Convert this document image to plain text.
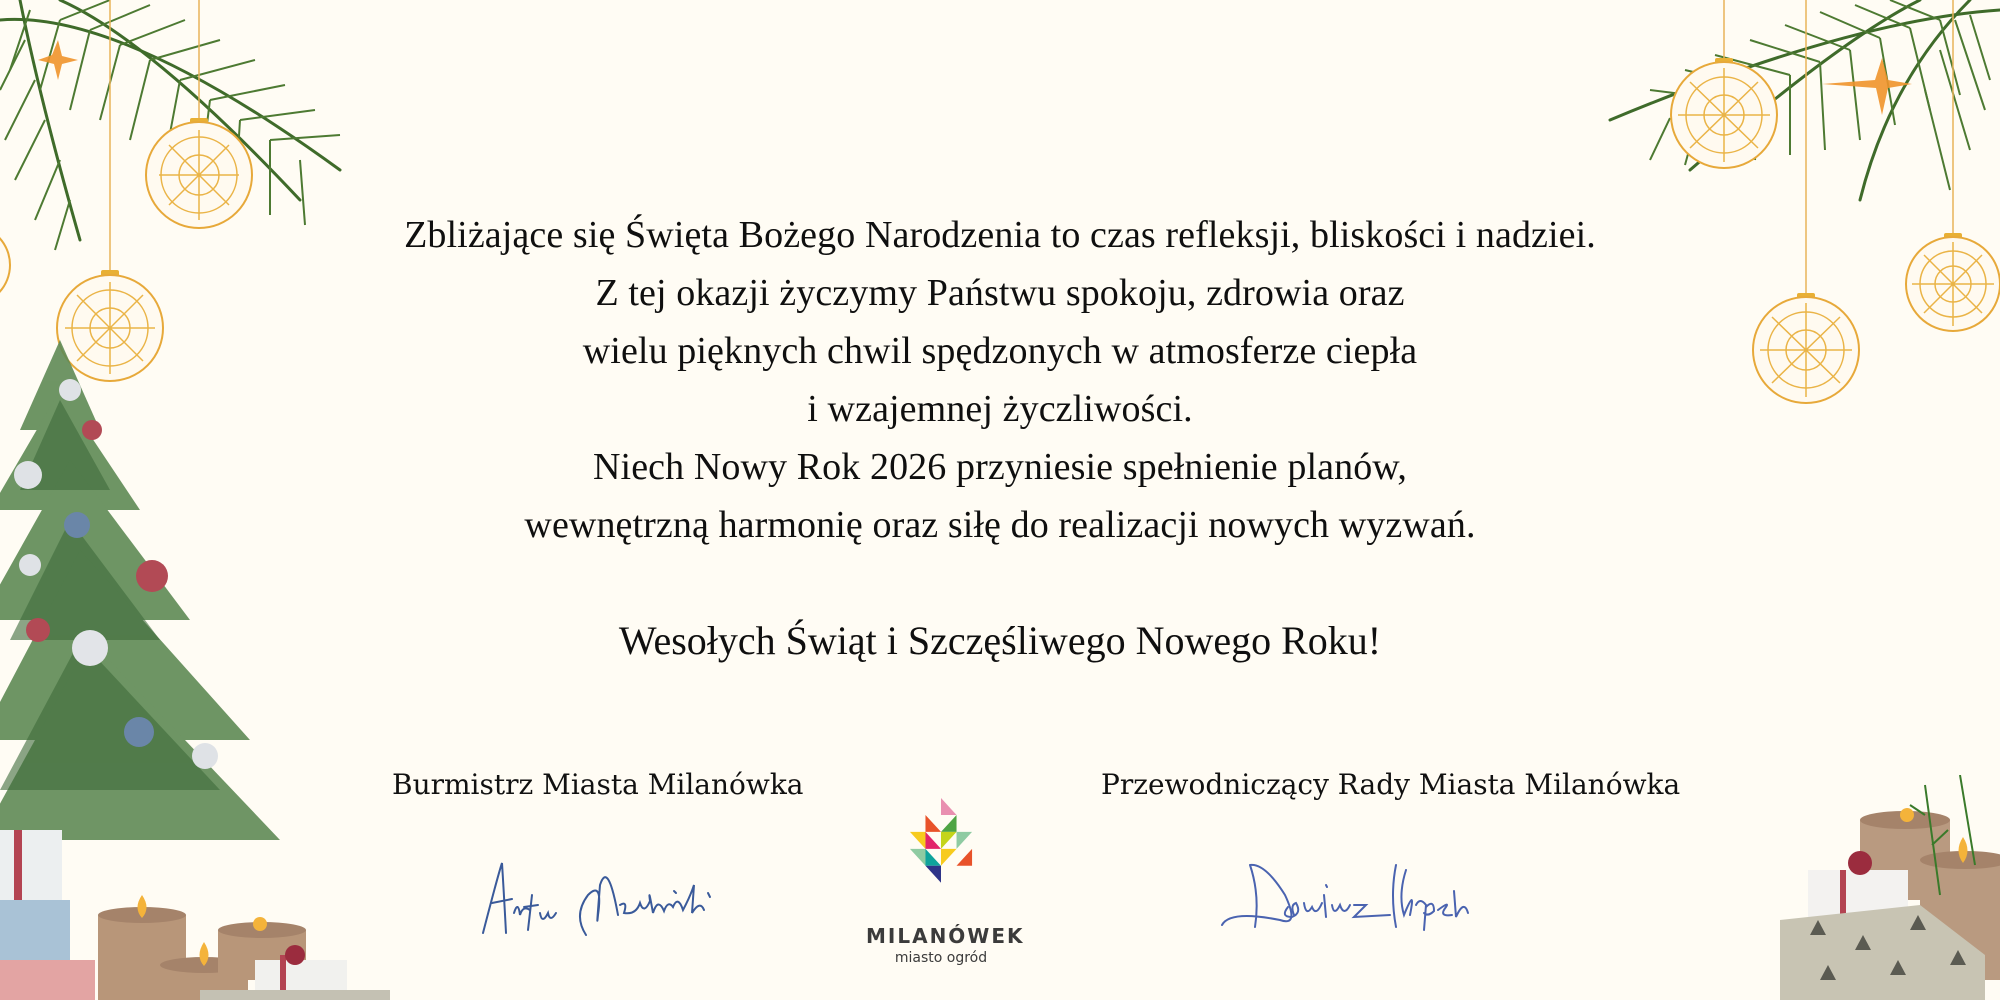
Zbliżające się Święta Bożego Narodzenia to czas refleksji, bliskości i nadziei.
Z tej okazji życzymy Państwu spokoju, zdrowia oraz
wielu pięknych chwil spędzonych w atmosferze ciepła
i wzajemnej życzliwości.
Niech Nowy Rok 2026 przyniesie spełnienie planów,
wewnętrzną harmonię oraz siłę do realizacji nowych wyzwań.
Wesołych Świąt i Szczęśliwego Nowego Roku!
Burmistrz Miasta Milanówka	Przewodniczący Rady Miasta Milanówka
MILANÓWEK
miasto ogród
